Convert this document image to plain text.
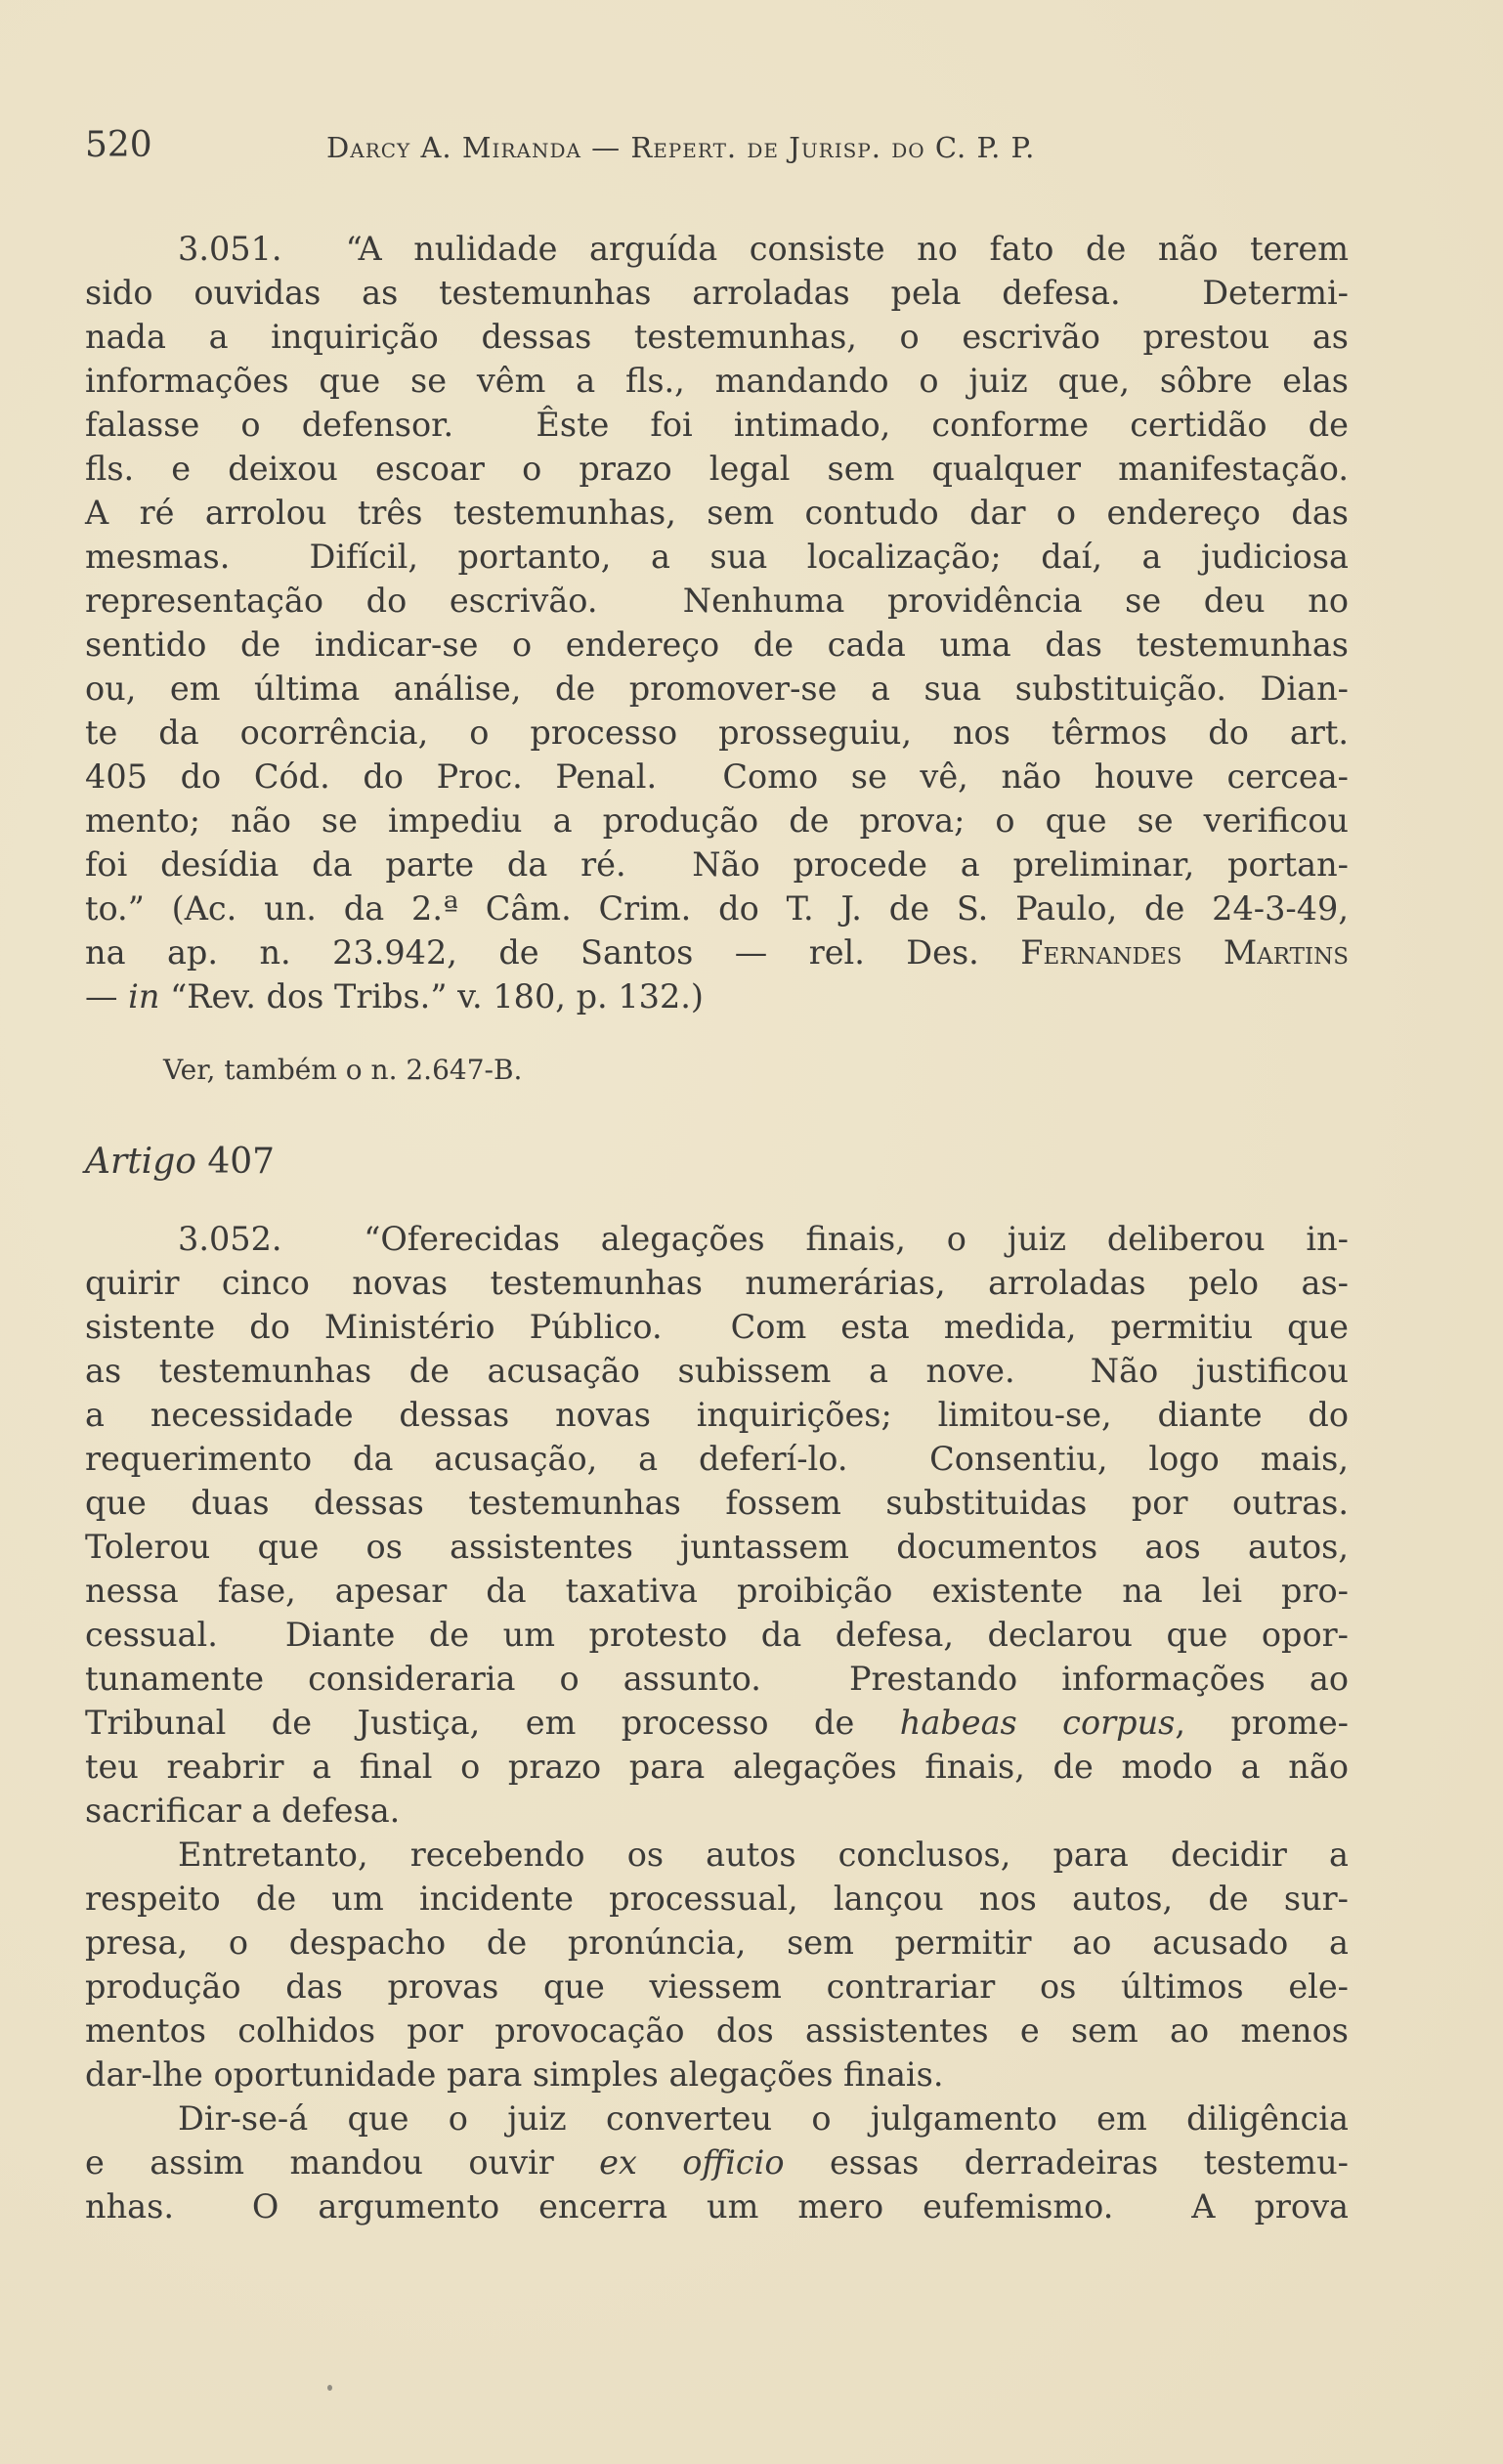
520	Darcy A. Miranda — Repert. de Jurisp. do C. P. P.
3.051.  “A nulidade arguída consiste no fato de não terem
sido ouvidas as testemunhas arroladas pela defesa.  Determi-
nada a inquirição dessas testemunhas, o escrivão prestou as
informações que se vêm a fls., mandando o juiz que, sôbre elas
falasse o defensor.  Êste foi intimado, conforme certidão de
fls. e deixou escoar o prazo legal sem qualquer manifestação.
A ré arrolou três testemunhas, sem contudo dar o endereço das
mesmas.  Difícil, portanto, a sua localização; daí, a judiciosa
representação do escrivão.  Nenhuma providência se deu no
sentido de indicar-se o endereço de cada uma das testemunhas
ou, em última análise, de promover-se a sua substituição. Dian-
te da ocorrência, o processo prosseguiu, nos têrmos do art.
405 do Cód. do Proc. Penal.  Como se vê, não houve cercea-
mento; não se impediu a produção de prova; o que se verificou
foi desídia da parte da ré.  Não procede a preliminar, portan-
to.” (Ac. un. da 2.ª Câm. Crim. do T. J. de S. Paulo, de 24-3-49,
na ap. n. 23.942, de Santos — rel. Des. Fernandes Martins
— in “Rev. dos Tribs.” v. 180, p. 132.)
Ver, também o n. 2.647-B.
Artigo 407
3.052.  “Oferecidas alegações finais, o juiz deliberou in-
quirir cinco novas testemunhas numerárias, arroladas pelo as-
sistente do Ministério Público.  Com esta medida, permitiu que
as testemunhas de acusação subissem a nove.  Não justificou
a necessidade dessas novas inquirições; limitou-se, diante do
requerimento da acusação, a deferí-lo.  Consentiu, logo mais,
que duas dessas testemunhas fossem substituidas por outras.
Tolerou que os assistentes juntassem documentos aos autos,
nessa fase, apesar da taxativa proibição existente na lei pro-
cessual.  Diante de um protesto da defesa, declarou que opor-
tunamente consideraria o assunto.  Prestando informações ao
Tribunal de Justiça, em processo de habeas corpus, prome-
teu reabrir a final o prazo para alegações finais, de modo a não
sacrificar a defesa.
Entretanto, recebendo os autos conclusos, para decidir a
respeito de um incidente processual, lançou nos autos, de sur-
presa, o despacho de pronúncia, sem permitir ao acusado a
produção das provas que viessem contrariar os últimos ele-
mentos colhidos por provocação dos assistentes e sem ao menos
dar-lhe oportunidade para simples alegações finais.
Dir-se-á que o juiz converteu o julgamento em diligência
e assim mandou ouvir ex officio essas derradeiras testemu-
nhas.  O argumento encerra um mero eufemismo.  A prova
